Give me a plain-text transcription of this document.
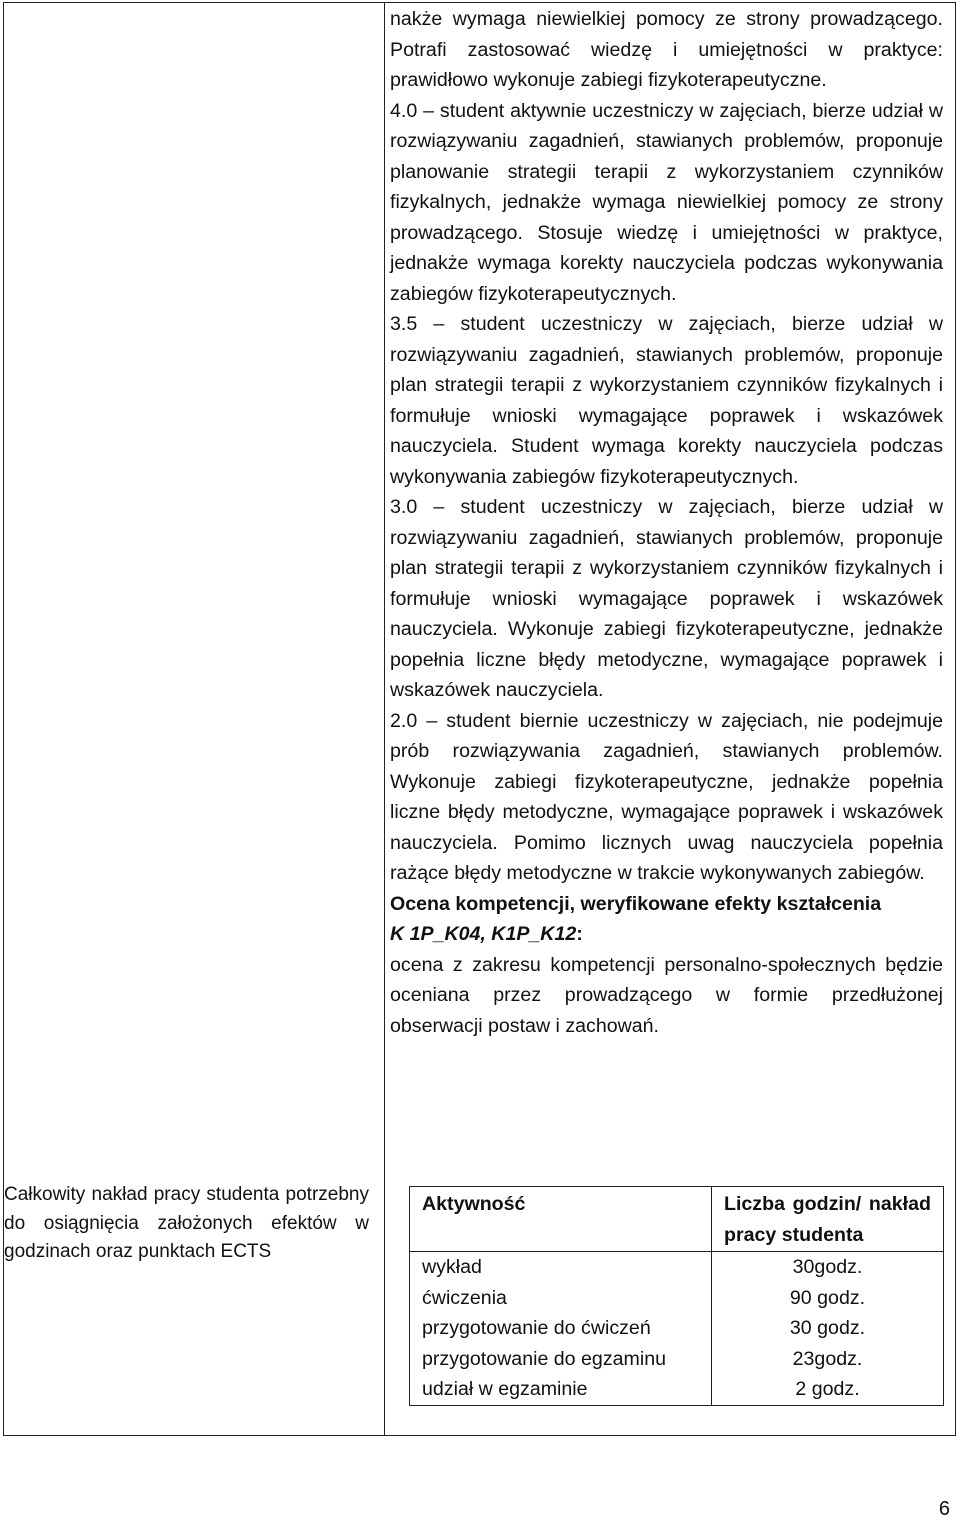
Całkowity nakład pracy studenta potrzebny do osiągnięcia założonych efektów w godzinach oraz punktach ECTS

nakże wymaga niewielkiej pomocy ze strony prowadzącego. Potrafi zastosować wiedzę i umiejętności w praktyce: prawidłowo wykonuje zabiegi fizykoterapeutyczne.

4.0 – student aktywnie uczestniczy w zajęciach, bierze udział w rozwiązywaniu zagadnień, stawianych problemów, proponuje planowanie strategii terapii z wykorzystaniem czynników fizykalnych, jednakże wymaga niewielkiej pomocy ze strony prowadzącego. Stosuje wiedzę i umiejętności w praktyce, jednakże wymaga korekty nauczyciela podczas wykonywania zabiegów fizykoterapeutycznych.

3.5 – student uczestniczy w zajęciach, bierze udział w rozwiązywaniu zagadnień, stawianych problemów, proponuje plan strategii terapii z wykorzystaniem czynników fizykalnych i formułuje wnioski wymagające poprawek i wskazówek nauczyciela. Student wymaga korekty nauczyciela podczas wykonywania zabiegów fizykoterapeutycznych.

3.0 – student uczestniczy w zajęciach, bierze udział w rozwiązywaniu zagadnień, stawianych problemów, proponuje plan strategii terapii z wykorzystaniem czynników fizykalnych i formułuje wnioski wymagające poprawek i wskazówek nauczyciela. Wykonuje zabiegi fizykoterapeutyczne, jednakże popełnia liczne błędy metodyczne, wymagające poprawek i wskazówek nauczyciela.

2.0 – student biernie uczestniczy w zajęciach, nie podejmuje prób rozwiązywania zagadnień, stawianych problemów. Wykonuje zabiegi fizykoterapeutyczne, jednakże popełnia liczne błędy metodyczne, wymagające poprawek i wskazówek nauczyciela. Pomimo licznych uwag nauczyciela popełnia rażące błędy metodyczne w trakcie wykonywanych zabiegów.

Ocena kompetencji, weryfikowane efekty kształcenia

K 1P_K04, K1P_K12:

ocena z zakresu kompetencji personalno-społecznych będzie oceniana przez prowadzącego w formie przedłużonej obserwacji postaw i zachowań.

Aktywność	Liczba godzin/ nakład pracy studenta
wykład	30godz.
ćwiczenia	90 godz.
przygotowanie do ćwiczeń	30 godz.
przygotowanie do egzaminu	23godz.
udział w egzaminie	2 godz.
6
